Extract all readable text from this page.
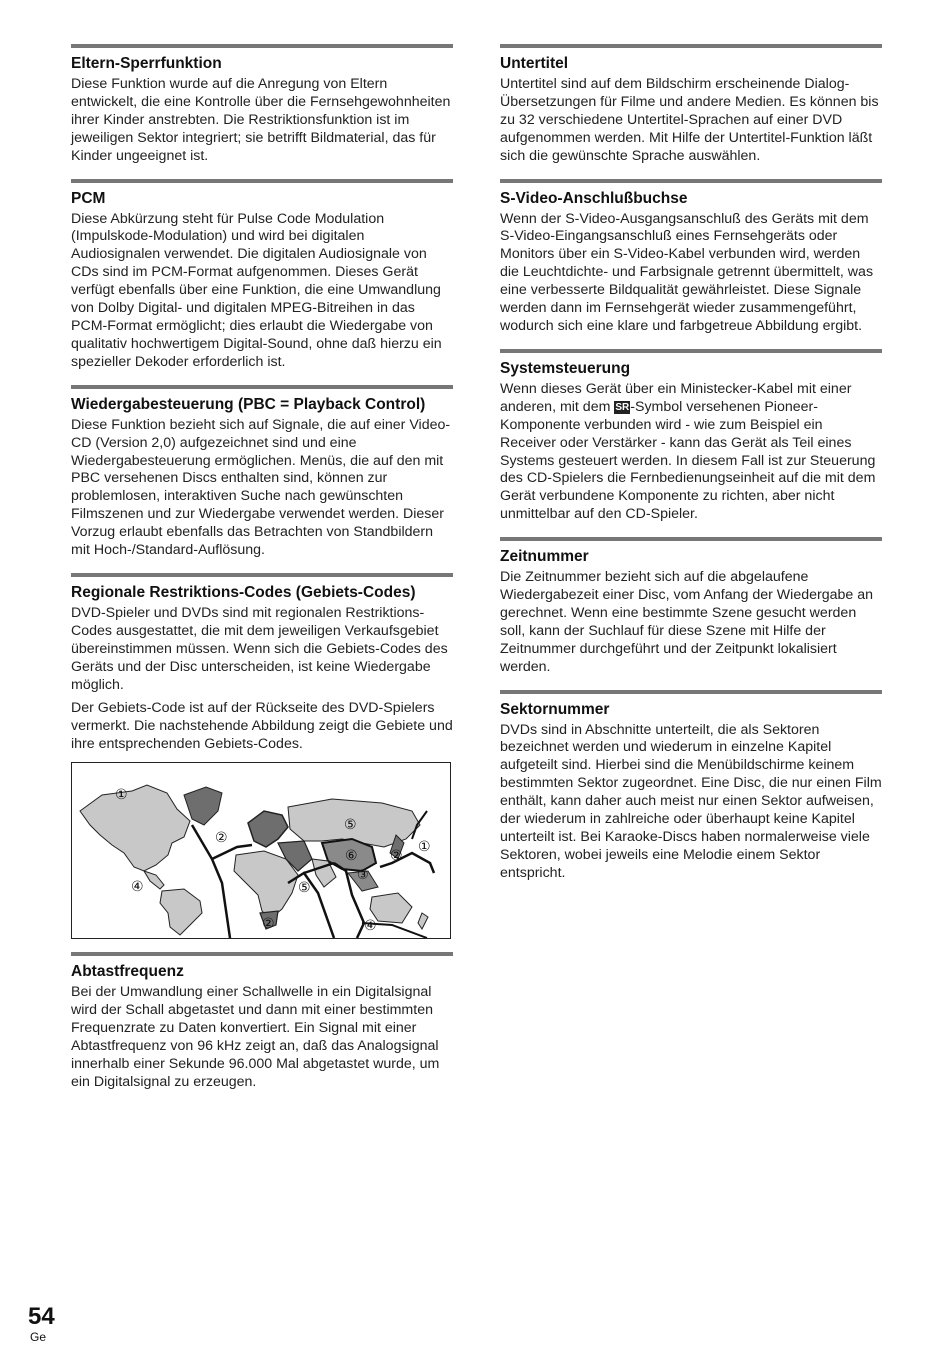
Eltern-Sperrfunktion

Diese Funktion wurde auf die Anregung von Eltern entwickelt, die eine Kontrolle über die Fernsehgewohnheiten ihrer Kinder anstrebten. Die Restriktionsfunktion ist im jeweiligen Sektor integriert; sie betrifft Bildmaterial, das für Kinder ungeeignet ist.

PCM

Diese Abkürzung steht für Pulse Code Modulation (Impulskode-Modulation) und wird bei digitalen Audiosignalen verwendet. Die digitalen Audiosignale von CDs sind im PCM-Format aufgenommen. Dieses Gerät verfügt ebenfalls über eine Funktion, die eine Umwandlung von Dolby Digital- und digitalen MPEG-Bitreihen in das PCM-Format ermöglicht; dies erlaubt die Wiedergabe von qualitativ hochwertigem Digital-Sound, ohne daß hierzu ein spezieller Dekoder erforderlich ist.

Wiedergabesteuerung (PBC = Playback Control)

Diese Funktion bezieht sich auf Signale, die auf einer Video-CD (Version 2,0) aufgezeichnet sind und eine Wiedergabesteuerung ermöglichen. Menüs, die auf den mit PBC versehenen Discs enthalten sind, können zur problemlosen, interaktiven Suche nach gewünschten Filmszenen und zur Wiedergabe verwendet werden. Dieser Vorzug erlaubt ebenfalls das Betrachten von Standbildern mit Hoch-/Standard-Auflösung.

Regionale Restriktions-Codes (Gebiets-Codes)

DVD-Spieler und DVDs sind mit regionalen Restriktions-Codes ausgestattet, die mit dem jeweiligen Verkaufsgebiet übereinstimmen müssen. Wenn sich die Gebiets-Codes des Geräts und der Disc unterscheiden, ist keine Wiedergabe möglich.

Der Gebiets-Code ist auf der Rückseite des DVD-Spielers vermerkt. Die nachstehende Abbildung zeigt die Gebiete und ihre entsprechenden Gebiets-Codes.

①
②
⑤
①
⑥
③
②
④	⑤
②	④
Abtastfrequenz

Bei der Umwandlung einer Schallwelle in ein Digitalsignal wird der Schall abgetastet und dann mit einer bestimmten Frequenzrate zu Daten konvertiert. Ein Signal mit einer Abtastfrequenz von 96 kHz zeigt an, daß das Analogsignal innerhalb einer Sekunde 96.000 Mal abgetastet wurde, um ein Digitalsignal zu erzeugen.

Untertitel

Untertitel sind auf dem Bildschirm erscheinende Dialog-Übersetzungen für Filme und andere Medien. Es können bis zu 32 verschiedene Untertitel-Sprachen auf einer DVD aufgenommen werden. Mit Hilfe der Untertitel-Funktion läßt sich die gewünschte Sprache auswählen.

S-Video-Anschlußbuchse

Wenn der S-Video-Ausgangsanschluß des Geräts mit dem S-Video-Eingangsanschluß eines Fernsehgeräts oder Monitors über ein S-Video-Kabel verbunden wird, werden die Leuchtdichte- und Farbsignale getrennt übermittelt, was eine verbesserte Bildqualität gewährleistet. Diese Signale werden dann im Fernsehgerät wieder zusammengeführt, wodurch sich eine klare und farbgetreue Abbildung ergibt.

Systemsteuerung

Wenn dieses Gerät über ein Ministecker-Kabel mit einer anderen, mit dem SR-Symbol versehenen Pioneer-Komponente verbunden wird - wie zum Beispiel ein Receiver oder Verstärker - kann das Gerät als Teil eines Systems gesteuert werden. In diesem Fall ist zur Steuerung des CD-Spielers die Fernbedienungseinheit auf die mit dem Gerät verbundene Komponente zu richten, aber nicht unmittelbar auf den CD-Spieler.

Zeitnummer

Die Zeitnummer bezieht sich auf die abgelaufene Wiedergabezeit einer Disc, vom Anfang der Wiedergabe an gerechnet. Wenn eine bestimmte Szene gesucht werden soll, kann der Suchlauf für diese Szene mit Hilfe der Zeitnummer durchgeführt und der Zeitpunkt lokalisiert werden.

Sektornummer

DVDs sind in Abschnitte unterteilt, die als Sektoren bezeichnet werden und wiederum in einzelne Kapitel aufgeteilt sind. Hierbei sind die Menübildschirme keinem bestimmten Sektor zugeordnet. Eine Disc, die nur einen Film enthält, kann daher auch meist nur einen Sektor aufweisen, der wiederum in zahlreiche oder überhaupt keine Kapitel unterteilt ist. Bei Karaoke-Discs haben normalerweise viele Sektoren, wobei jeweils eine Melodie einem Sektor entspricht.

54
Ge
